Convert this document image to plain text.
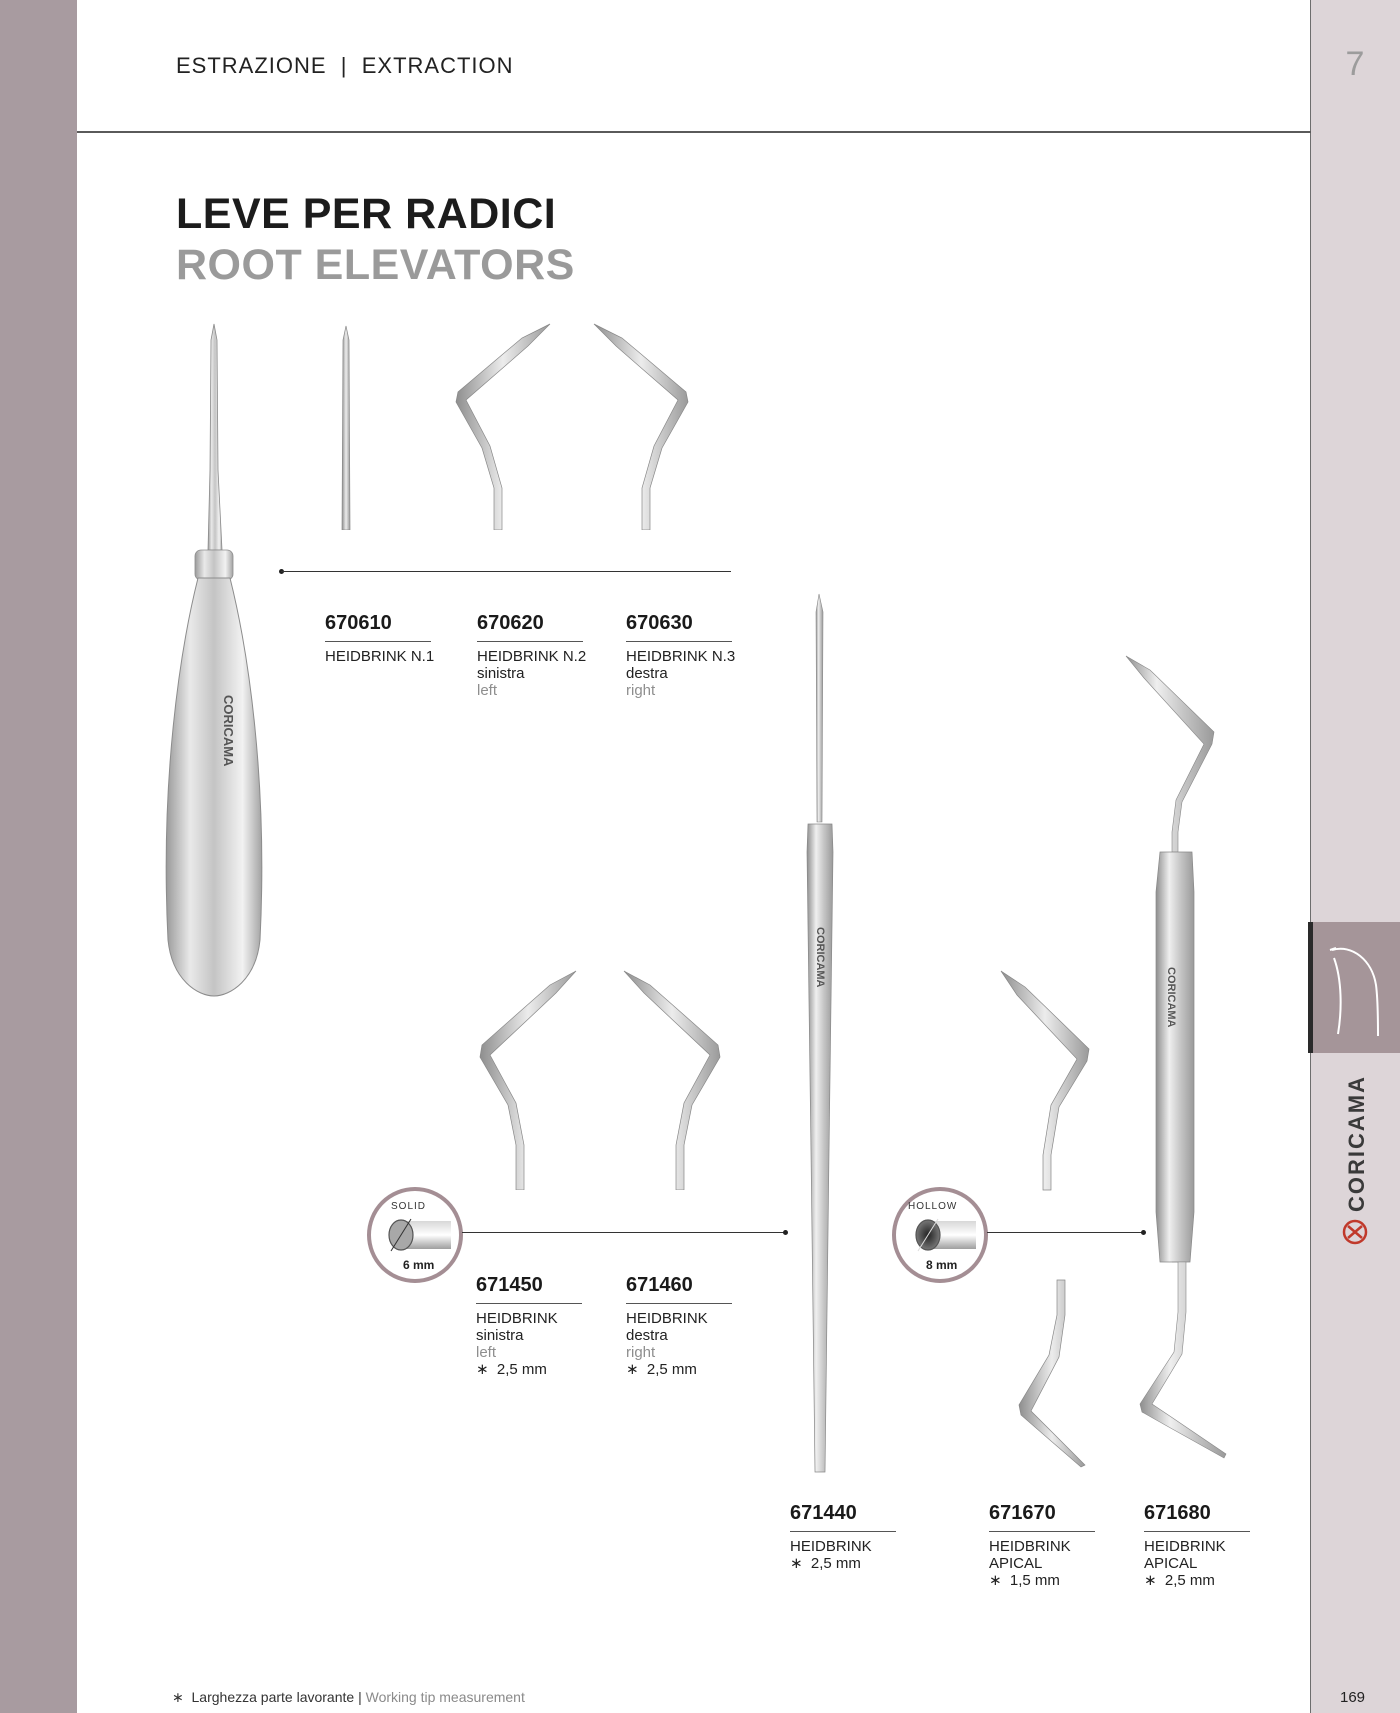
ESTRAZIONE  |  EXTRACTION	7
LEVE PER RADICI
ROOT ELEVATORS
CORICAMA
670610
HEIDBRINK N.1
670620
HEIDBRINK N.2
sinistra
left
670630
HEIDBRINK N.3
destra
right
CORICAMA
CORICAMA
SOLID
6 mm
HOLLOW
8 mm
671450
HEIDBRINK
sinistra
left
∗  2,5 mm
671460
HEIDBRINK
destra
right
∗  2,5 mm
671440
HEIDBRINK
∗  2,5 mm
671670
HEIDBRINK
APICAL
∗  1,5 mm
671680
HEIDBRINK
APICAL
∗  2,5 mm
CORICAMA
∗ Larghezza parte lavorante | Working tip measurement	169
